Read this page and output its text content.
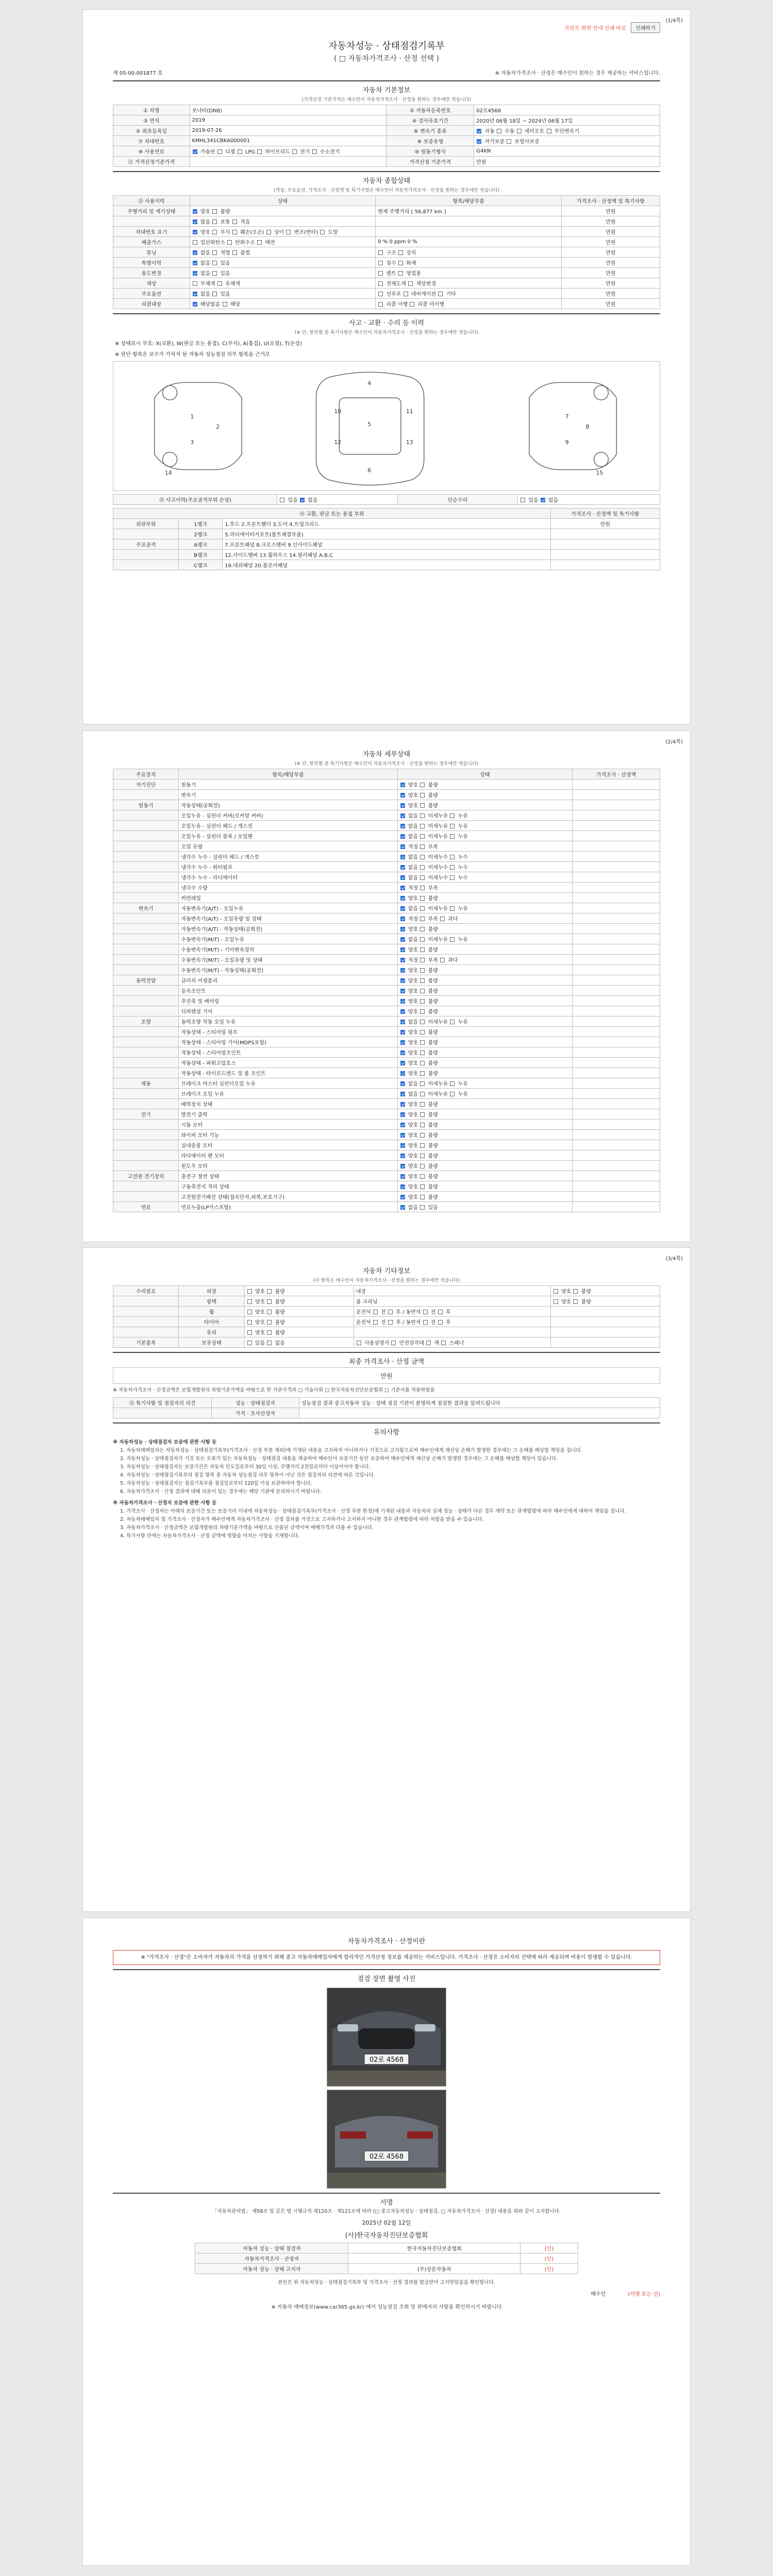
(1/4쪽)
프린트 화면 안내 인쇄 바로 인쇄하기
자동차성능 · 상태점검기록부
( □ 자동차가격조사 · 산정 선택 )
제 05-00-001877 호	※ 자동차가격조사 · 산정은 매수인이 원하는 경우 제공하는 서비스입니다.
자동차 기본정보
(가격산정 기준가격은 매수인이 자동차가격조사 · 산정을 원하는 경우에만 적습니다)
① 차명	쏘나타(DN8)	② 자동차등록번호	02로4568
③ 연식	2019	④ 검사유효기간	2020년 06월 18일 ~ 2024년 06월 17일
⑤ 최초등록일	2019-07-26	⑥ 변속기 종류	자동  수동  세미오토  무단변속기
⑦ 차대번호	KMHL341CBKA000001	⑧ 보증유형	자가보증  보험사보증
⑨ 사용연료	가솔린  디젤  LPG  하이브리드  전기  수소전기	⑩ 원동기형식	G4KN
⑪ 가격산정기준가격		가격산정 기준가격	만원
자동차 종합상태
(색상, 주요옵션, 가격조사 · 산정액 및 특기사항은 매수인이 자동차가격조사 · 산정을 원하는 경우에만 적습니다)
⑫ 사용이력	상태	항목/해당부품	가격조사 · 산정액 및 특기사항
주행거리 및 계기상태	양호  불량	현재 주행거리 [ 56,877 km ]	만원
	많음  보통  적음		만원
차대번호 표기	양호  부식  훼손(오손)  상이  변조(변타)  도말		만원
배출가스	일산화탄소  탄화수소  매연	0 % 0 ppm 0 %	만원
튜닝	없음  적법  불법	구조  장치	만원
특별이력	없음  있음	침수  화재	만원
용도변경	없음  있음	렌트  영업용	만원
색상	무채색  유채색	전체도색  색상변경	만원
주요옵션	없음  있음	선루프  네비게이션  기타	만원
리콜대상	해당없음  해당	리콜 이행  리콜 미이행	만원
사고 · 교환 · 수리 등 이력
(※ 단, 항목별 중 특기사항은 매수인이 자동차가격조사 · 산정을 원하는 경우에만 적습니다)
※ 상태표시 부호: X(교환), W(판금 또는 용접), C(부식), A(흠집), U(요철), T(손상)
※ 판단 항목은 보수가 가치지 된 자동차 성능점검 의무 항목을 근거로
1
2
3
4
5
6
7
8
9
10	11
12	13
14	15
⑬ 사고이력(주요골격부위 손상)	있음  없음	단순수리	있음  없음
⑭ 교환, 판금 또는 용접 부위			가격조사 · 산정액 및 특기사항
외판부위	1랭크	1.후드 2.프론트휀더 3.도어 4.트렁크리드	만원
	2랭크	5.라디에이터서포트(볼트체결부품)	
주요골격	A랭크	7.프론트패널 8.크로스멤버 9.인사이드패널	
	B랭크	12.사이드멤버 13.휠하우스 14.필러패널 A.B.C	
	C랭크	19.대쉬패널 20.플로어패널	
(2/4쪽)
자동차 세부상태
(※ 단, 항목별 중 특기사항은 매수인이 자동차가격조사 · 산정을 원하는 경우에만 적습니다)
주요장치	항목/해당부품	상태	가격조사 · 산정액
자기진단	원동기	양호  불량	
	변속기	양호  불량	
원동기	작동상태(공회전)	양호  불량	
	오일누유 - 실린더 커버(로커암 커버)	없음  미세누유  누유	
	오일누유 - 실린더 헤드 / 개스킷	없음  미세누유  누유	
	오일누유 - 실린더 블록 / 오일팬	없음  미세누유  누유	
	오일 유량	적정  부족	
	냉각수 누수 - 실린더 헤드 / 개스킷	없음  미세누수  누수	
	냉각수 누수 - 워터펌프	없음  미세누수  누수	
	냉각수 누수 - 라디에이터	없음  미세누수  누수	
	냉각수 수량	적정  부족	
	커먼레일	양호  불량	
변속기	자동변속기(A/T) - 오일누유	없음  미세누유  누유	
	자동변속기(A/T) - 오일유량 및 상태	적정  부족  과다	
	자동변속기(A/T) - 작동상태(공회전)	양호  불량	
	수동변속기(M/T) - 오일누유	없음  미세누유  누유	
	수동변속기(M/T) - 기어변속장치	양호  불량	
	수동변속기(M/T) - 오일유량 및 상태	적정  부족  과다	
	수동변속기(M/T) - 작동상태(공회전)	양호  불량	
동력전달	클러치 어셈블리	양호  불량	
	등속조인트	양호  불량	
	추진축 및 베어링	양호  불량	
	디퍼렌셜 기어	양호  불량	
조향	동력조향 작동 오일 누유	없음  미세누유  누유	
	작동상태 - 스티어링 펌프	양호  불량	
	작동상태 - 스티어링 기어(MDPS포함)	양호  불량	
	작동상태 - 스티어링조인트	양호  불량	
	작동상태 - 파워고압호스	양호  불량	
	작동상태 - 타이로드엔드 및 볼 조인트	양호  불량	
제동	브레이크 마스터 실린더오일 누유	없음  미세누유  누유	
	브레이크 오일 누유	없음  미세누유  누유	
	배력장치 상태	양호  불량	
전기	발전기 출력	양호  불량	
	시동 모터	양호  불량	
	와이퍼 모터 기능	양호  불량	
	실내송풍 모터	양호  불량	
	라디에이터 팬 모터	양호  불량	
	윈도우 모터	양호  불량	
고전원 전기장치	충전구 절연 상태	양호  불량	
	구동축전지 격리 상태	양호  불량	
	고전원전기배선 상태(접속단자,피복,보호기구)	양호  불량	
연료	연료누출(LP가스포함)	없음  있음	
(3/4쪽)
자동차 기타정보
(다 항목은 매수인이 자동차가격조사 · 산정을 원하는 경우에만 적습니다)
수리필요	외장	양호  불량	내장	양호  불량
	광택	양호  불량	룸 크리닝	양호  불량
	휠	양호  불량	운전석  전  후 / 동반석  전  후	
	타이어	양호  불량	운전석  전  후 / 동반석  전  후	
	유리	양호  불량		
기본품목	보유상태	있음  없음	사용설명서  안전삼각대  잭  스패너	
최종 가격조사 · 산정 금액
만원
※ 자동차가격조사 · 산정금액은 보험개발원의 차량기준가액을 바탕으로 한 가준가격과 □ 기술사회 □ 한국자동차진단보증협회 □ 기준서를 적용하였음
⑮ 특기사항 및 점검자의 의견	성능 · 상태점검자	성능점검 결과 중고자동차 성능 · 상태 점검 기관이 분명하게 점검한 결과를 알려드립니다
	가격 · 조사산정자	
유의사항

※ 자동차성능 · 상태점검자 보증에 관한 사항 등

1. 자동차매매업자는 자동차성능 · 상태점검기록부(가격조사 · 산정 부분 제외)에 기재된 내용을 고지하지 아니하거나 거짓으로 고지함으로써 매수인에게 재산상 손해가 발생한 경우에는 그 손해를 배상할 책임을 집니다.

2. 자동차성능 · 상태점검자가 거짓 또는 오류가 있는 자동차성능 · 상태점검 내용을 제공하여 매수인이 보증기간 동안 보증하여 매수인에게 재산상 손해가 발생한 경우에는 그 손해를 배상할 책임이 있습니다.

3. 자동차성능 · 상태점검자는 보증기간은 자동차 인도일로부터 30일 이상, 주행거리 2천킬로미터 이상이어야 합니다.

4. 자동차성능 · 상태점검기록부의 점검 항목 중 자동차 성능점검 의무 항목이 아닌 것은 점검자의 의견에 따른 것입니다.

5. 자동차성능 · 상태점검자는 점검기록부를 점검일로부터 120일 이상 보관하여야 합니다.

6. 자동차가격조사 · 산정 결과에 대해 의문이 있는 경우에는 해당 기관에 문의하시기 바랍니다.

※ 자동차가격조사 · 산정자 보증에 관한 사항 등

1. 가격조사 · 산정자는 아래의 보증기간 또는 보증거리 이내에 자동차성능 · 상태점검기록부(가격조사 · 산정 부분 한정)에 기재된 내용과 자동차의 실제 성능 · 상태가 다른 경우 계약 또는 관계법령에 따라 매수인에게 대하여 책임을 집니다.

2. 자동차매매업자 및 가격조사 · 산정자가 매수인에게 자동차가격조사 · 산정 결과를 거짓으로 고지하거나 고지하지 아니한 경우 관계법령에 따라 처벌을 받을 수 있습니다.

3. 자동차가격조사 · 산정금액은 보험개발원의 차량기준가액을 바탕으로 산출된 금액이며 매매가격과 다를 수 있습니다.

4. 특기사항 란에는 자동차가격조사 · 산정 금액에 영향을 미치는 사항을 기재합니다.

자동차가격조사 · 산정이란
※ "가격조사 · 산정"은 소비자가 자동차의 가격을 산정하기 위해 중고 자동차매매업자에게 합리적인 가격산정 정보를 제공하는 서비스입니다. 가격조사 · 산정은 소비자의 선택에 따라 제공되며 비용이 발생할 수 있습니다.
점검 장면 촬영 사진
02로 4568
02로 4568
서명
「자동차관리법」 제58조 및 같은 법 시행규칙 제120조 · 제121조에 따라 (□ 중고자동차성능 · 상태점검, □ 자동차가격조사 · 산정) 내용을 위와 같이 고지합니다.
2025년 02월 12일
(사)한국자동차진단보증협회
자동차 성능 · 상태 점검자	한국자동차진단보증협회	(인)
자동차가격조사 · 산정자		(인)
자동차 성능 · 상태 고지자	(주)상문자동차	(인)
본인은 위 자동차성능 · 상태점검기록부 및 가격조사 · 산정 결과를 발급받아 고지받았음을 확인합니다.
매수인	(서명 또는 인)
※ 자동차 매매정보(www.car365.go.kr) 에서 성능점검 조회 및 판매자의 사항을 확인하시기 바랍니다
